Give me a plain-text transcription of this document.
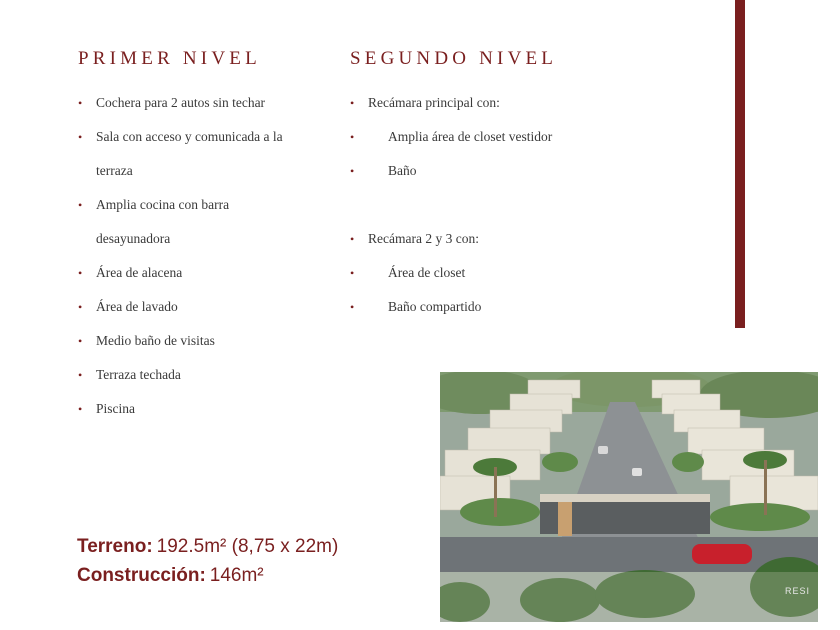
PRIMER NIVEL
• Cochera para 2 autos sin techar
• Sala con acceso y comunicada a la
terraza
• Amplia cocina con barra
desayunadora
• Área de alacena
• Área de lavado
• Medio baño de visitas
• Terraza techada
• Piscina
SEGUNDO NIVEL
• Recámara principal con:
•	Amplia área de closet vestidor
•	Baño
• Recámara 2 y 3 con:
•	Área de closet
•	Baño compartido
Terreno: 192.5m² (8,75 x 22m)
Construcción: 146m²
RESI
